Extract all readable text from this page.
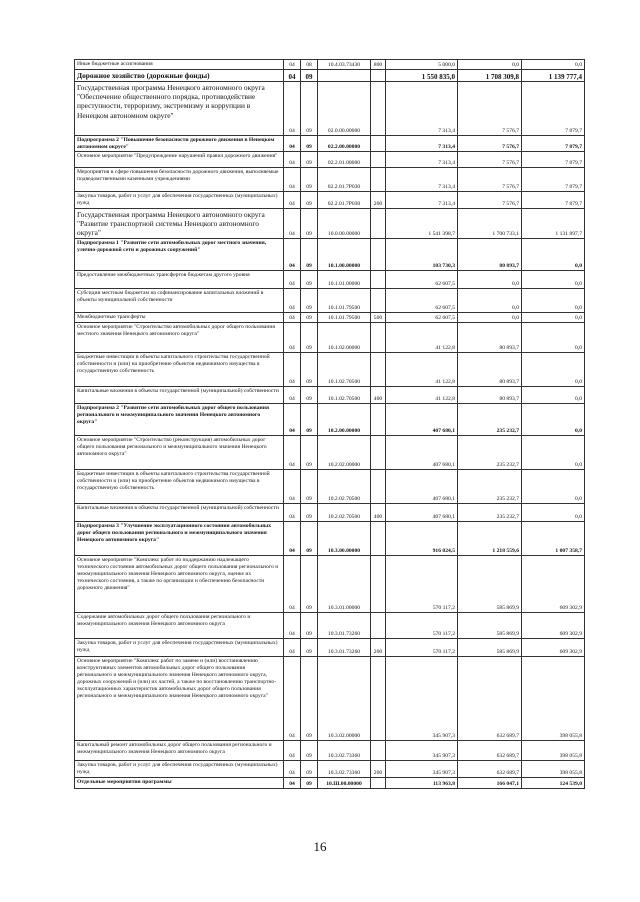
Иные бюджетные ассигнования	04	08	10.4.03.73430	800	5 000,0	0,0	0,0
Дорожное хозяйство (дорожные фонды)	04	09			1 550 835,0	1 708 309,8	1 139 777,4
Государственная программа Ненецкого автономного округа "Обеспечение общественного порядка, противодействие преступности, терроризму, экстремизму и коррупции в Ненецком автономном округе"	04	09	02.0.00.00000		7 313,4	7 576,7	7 879,7
Подпрограмма 2 "Повышение безопасности дорожного движения в Ненецком автономном округе"	04	09	02.2.00.00000		7 313,4	7 576,7	7 879,7
Основное мероприятие "Предупреждение нарушений правил дорожного движения"	04	09	02.2.01.00000		7 313,4	7 576,7	7 879,7
Мероприятия в сфере повышения безопасности дорожного движения, выполняемые подведомственными казенными учреждениями	04	09	02.2.01.7Р030		7 313,4	7 576,7	7 879,7
Закупка товаров, работ и услуг для обеспечения государственных (муниципальных) нужд	04	09	02.2.01.7Р030	200	7 313,4	7 576,7	7 879,7
Государственная программа Ненецкого автономного округа "Развитие транспортной системы Ненецкого автономного округа"	04	09	10.0.00.00000		1 541 398,7	1 700 733,1	1 131 897,7
Подпрограмма 1 "Развитие сети автомобильных дорог местного значения, улично-дорожной сети и дорожных сооружений"	04	09	10.1.00.00000		103 730,3	80 893,7	0,0
Предоставление межбюджетных трансфертов бюджетам другого уровня	04	09	10.1.01.00000		62 607,5	0,0	0,0
Субсидии местным бюджетам на софинансирование капитальных вложений в объекты муниципальной собственности	04	09	10.1.01.79500		62 607,5	0,0	0,0
Межбюджетные трансферты	04	09	10.1.01.79500	500	62 607,5	0,0	0,0
Основное мероприятие "Строительство автомобильных дорог общего пользования местного значения Ненецкого автономного округа"	04	09	10.1.02.00000		41 122,8	80 893,7	0,0
Бюджетные инвестиции в объекты капитального строительства государственной собственности и (или) на приобретение объектов недвижимого имущества в государственную собственность	04	09	10.1.02.70500		41 122,8	80 893,7	0,0
Капитальные вложения в объекты государственной (муниципальной) собственности	04	09	10.1.02.70500	400	41 122,8	80 893,7	0,0
Подпрограмма 2 "Развитие сети автомобильных дорог общего пользования регионального и межмуниципального значения Ненецкого автономного округа"	04	09	10.2.00.00000		407 680,1	235 232,7	0,0
Основное мероприятие "Строительство (реконструкция) автомобильных дорог общего пользования регионального и межмуниципального значения Ненецкого автономного округа"	04	09	10.2.02.00000		407 680,1	235 232,7	0,0
Бюджетные инвестиции в объекты капитального строительства государственной собственности и (или) на приобретение объектов недвижимого имущества в государственную собственность	04	09	10.2.02.70500		407 680,1	235 232,7	0,0
Капитальные вложения в объекты государственной (муниципальной) собственности	04	09	10.2.02.70500	400	407 680,1	235 232,7	0,0
Подпрограмма 3 "Улучшение эксплуатационного состояния автомобильных дорог общего пользования регионального и межмуниципального значения Ненецкого автономного округа"	04	09	10.3.00.00000		916 024,5	1 218 559,6	1 007 358,7
Основное мероприятие "Комплекс работ по поддержанию надлежащего технического состояния автомобильных дорог общего пользования регионального и межмуниципального значения Ненецкого автономного округа, оценке их технического состояния, а также по организации и обеспечению безопасности дорожного движения"	04	09	10.3.01.00000		570 117,2	585 869,9	609 302,9
Содержание автомобильных дорог общего пользования регионального и межмуниципального значения Ненецкого автономного округа	04	09	10.3.01.73260		570 117,2	585 869,9	609 302,9
Закупка товаров, работ и услуг для обеспечения государственных (муниципальных) нужд	04	09	10.3.01.73260	200	570 117,2	585 869,9	609 302,9
Основное мероприятие "Комплекс работ по замене и (или) восстановлению конструктивных элементов автомобильных дорог общего пользования регионального и межмуниципального значения Ненецкого автономного округа, дорожных сооружений и (или) их частей, а также по восстановлению транспортно-эксплуатационных характеристик автомобильных дорог общего пользования регионального и межмуниципального значения Ненецкого автономного округа"	04	09	10.3.02.00000		345 907,3	632 689,7	398 055,8
Капитальный ремонт автомобильных дорог общего пользования регионального и межмуниципального значения Ненецкого автономного округа	04	09	10.3.02.73360		345 907,3	632 689,7	398 055,8
Закупка товаров, работ и услуг для обеспечения государственных (муниципальных) нужд	04	09	10.3.02.73360	200	345 907,3	632 689,7	398 055,8
Отдельные мероприятия программы	04	09	10.Ш.00.00000		113 963,8	166 047,1	124 539,0
16
